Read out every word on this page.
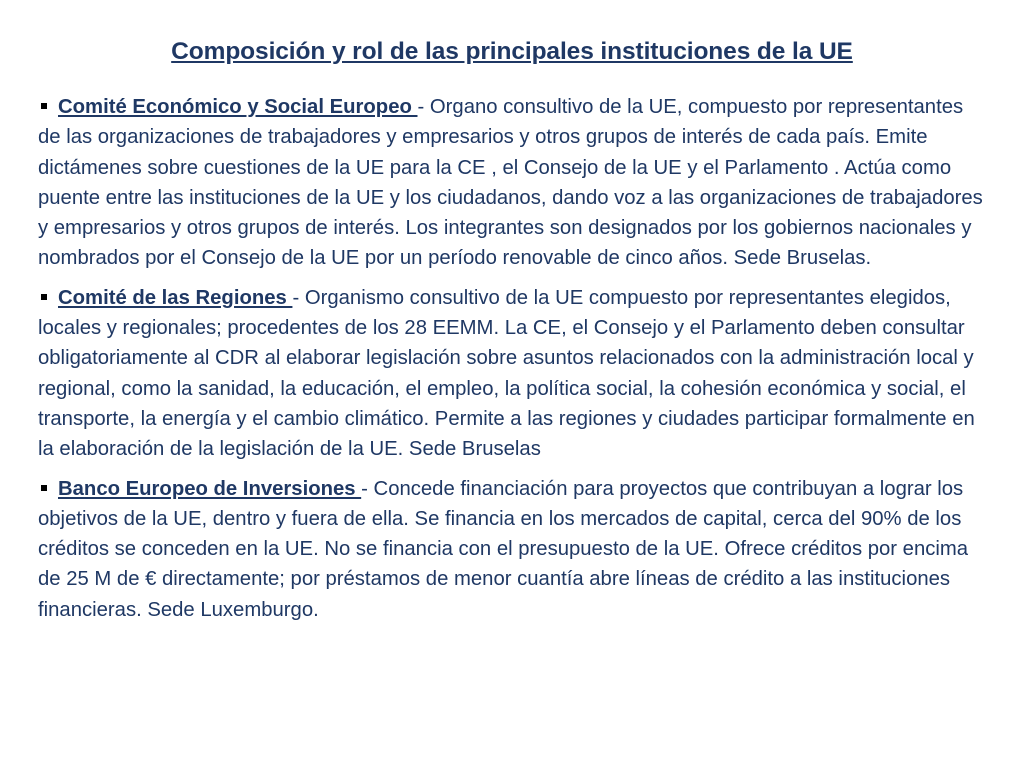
Composición y rol de las principales instituciones de la UE

Comité Económico y Social Europeo - Organo consultivo de la UE, compuesto por representantes de las organizaciones de trabajadores y empresarios y otros grupos de interés de cada país. Emite dictámenes sobre cuestiones de la UE para la CE , el Consejo de la UE y el Parlamento . Actúa como puente entre las instituciones de la UE y los ciudadanos, dando voz a las organizaciones de trabajadores y empresarios y otros grupos de interés. Los integrantes son designados por los gobiernos nacionales y nombrados por el Consejo de la UE por un período renovable de cinco años. Sede Bruselas.

Comité de las Regiones - Organismo consultivo de la UE compuesto por representantes elegidos, locales y regionales; procedentes de los 28 EEMM. La CE, el Consejo y el Parlamento deben consultar obligatoriamente al CDR al elaborar legislación sobre asuntos relacionados con la administración local y regional, como la sanidad, la educación, el empleo, la política social, la cohesión económica y social, el transporte, la energía y el cambio climático. Permite a las regiones y ciudades participar formalmente en la elaboración de la legislación de la UE. Sede Bruselas

Banco Europeo de Inversiones - Concede financiación para proyectos que contribuyan a lograr los objetivos de la UE, dentro y fuera de ella. Se financia en los mercados de capital, cerca del 90% de los créditos se conceden en la UE. No se financia con el presupuesto de la UE. Ofrece créditos por encima de 25 M de € directamente; por préstamos de menor cuantía abre líneas de crédito a las instituciones financieras. Sede Luxemburgo.
